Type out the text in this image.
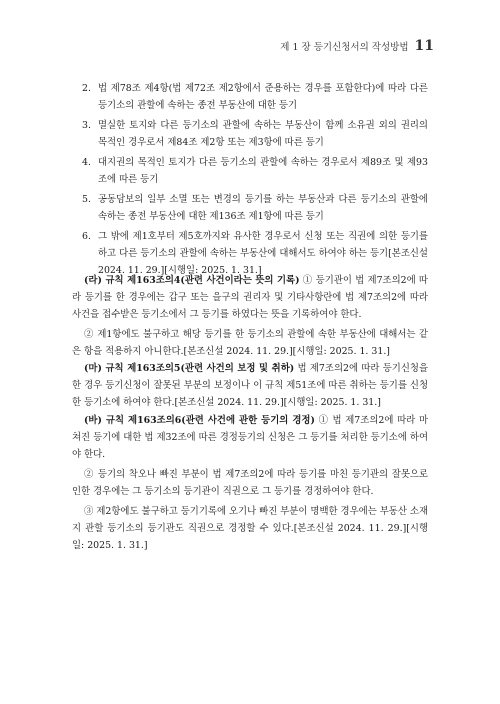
제 1 장 등기신청서의 작성방법 11
2. 법 제78조 제4항(법 제72조 제2항에서 준용하는 경우를 포함한다)에 따라 다른 등기소의 관할에 속하는 종전 부동산에 대한 등기
3. 멸실한 토지와 다른 등기소의 관할에 속하는 부동산이 함께 소유권 외의 권리의 목적인 경우로서 제84조 제2항 또는 제3항에 따른 등기
4. 대지권의 목적인 토지가 다른 등기소의 관할에 속하는 경우로서 제89조 및 제93조에 따른 등기
5. 공동담보의 일부 소멸 또는 변경의 등기를 하는 부동산과 다른 등기소의 관할에 속하는 종전 부동산에 대한 제136조 제1항에 따른 등기
6. 그 밖에 제1호부터 제5호까지와 유사한 경우로서 신청 또는 직권에 의한 등기를 하고 다른 등기소의 관할에 속하는 부동산에 대해서도 하여야 하는 등기[본조신설 2024. 11. 29.][시행일: 2025. 1. 31.]

(라) 규칙 제163조의4(관련 사건이라는 뜻의 기록) ① 등기관이 법 제7조의2에 따라 등기를 한 경우에는 갑구 또는 을구의 권리자 및 기타사항란에 법 제7조의2에 따라 사건을 접수받은 등기소에서 그 등기를 하였다는 뜻을 기록하여야 한다.

② 제1항에도 불구하고 해당 등기를 한 등기소의 관할에 속한 부동산에 대해서는 같은 항을 적용하지 아니한다.[본조신설 2024. 11. 29.][시행일: 2025. 1. 31.]

(마) 규칙 제163조의5(관련 사건의 보정 및 취하) 법 제7조의2에 따라 등기신청을 한 경우 등기신청이 잘못된 부분의 보정이나 이 규칙 제51조에 따른 취하는 등기를 신청한 등기소에 하여야 한다.[본조신설 2024. 11. 29.][시행일: 2025. 1. 31.]

(바) 규칙 제163조의6(관련 사건에 관한 등기의 경정) ① 법 제7조의2에 따라 마쳐진 등기에 대한 법 제32조에 따른 경정등기의 신청은 그 등기를 처리한 등기소에 하여야 한다.

② 등기의 착오나 빠진 부분이 법 제7조의2에 따라 등기를 마친 등기관의 잘못으로 인한 경우에는 그 등기소의 등기관이 직권으로 그 등기를 경정하여야 한다.

③ 제2항에도 불구하고 등기기록에 오기나 빠진 부분이 명백한 경우에는 부동산 소재지 관할 등기소의 등기관도 직권으로 경정할 수 있다.[본조신설 2024. 11. 29.][시행일: 2025. 1. 31.]
